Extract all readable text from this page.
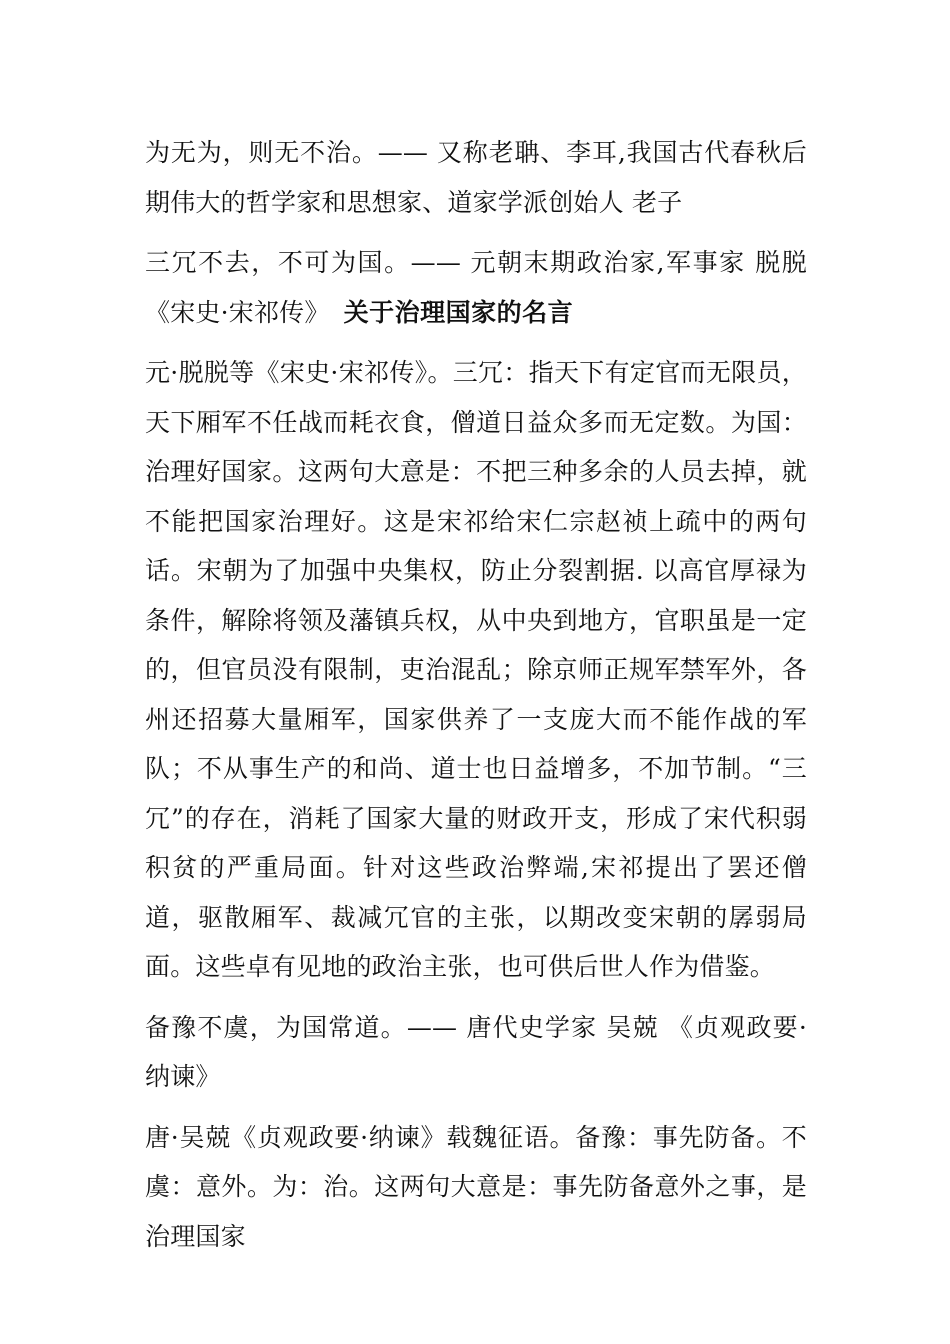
为无为，则无不治。—— 又称老聃、李耳,我国古代春秋后期伟大的哲学家和思想家、道家学派创始人 老子

三冗不去，不可为国。—— 元朝末期政治家,军事家 脱脱《宋史·宋祁传》 关于治理国家的名言

元·脱脱等《宋史·宋祁传》。三冗：指天下有定官而无限员，天下厢军不任战而耗衣食，僧道日益众多而无定数。为国：治理好国家。这两句大意是：不把三种多余的人员去掉，就不能把国家治理好。这是宋祁给宋仁宗赵祯上疏中的两句话。宋朝为了加强中央集权，防止分裂割据. 以高官厚禄为条件，解除将领及藩镇兵权，从中央到地方，官职虽是一定的，但官员没有限制，吏治混乱；除京师正规军禁军外，各州还招募大量厢军，国家供养了一支庞大而不能作战的军队；不从事生产的和尚、道士也日益增多，不加节制。“三冗”的存在，消耗了国家大量的财政开支，形成了宋代积弱积贫的严重局面。针对这些政治弊端,宋祁提出了罢还僧道，驱散厢军、裁减冗官的主张，以期改变宋朝的孱弱局面。这些卓有见地的政治主张，也可供后世人作为借鉴。

备豫不虞，为国常道。—— 唐代史学家 吴兢 《贞观政要·纳谏》

唐·吴兢《贞观政要·纳谏》载魏征语。备豫：事先防备。不虞：意外。为：治。这两句大意是：事先防备意外之事，是治理国家
